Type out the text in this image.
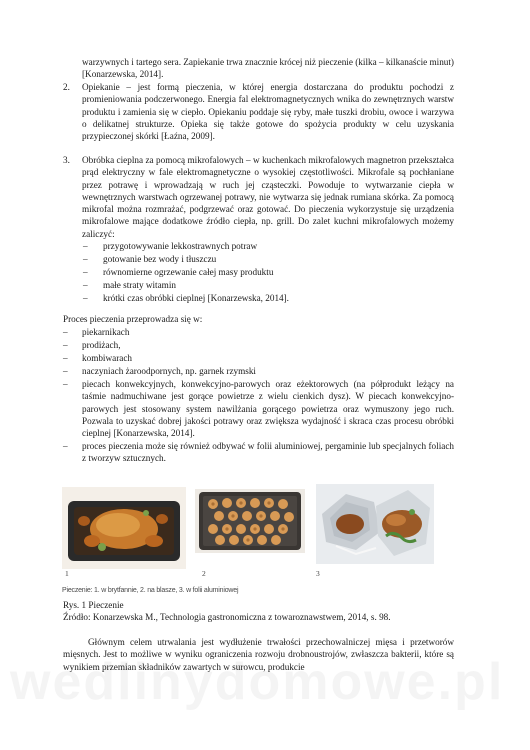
warzywnych i tartego sera. Zapiekanie trwa znacznie krócej niż pieczenie (kilka – kilkanaście minut) [Konarzewska, 2014].
2.	Opiekanie – jest formą pieczenia, w której energia dostarczana do produktu pochodzi z promieniowania podczerwonego. Energia fal elektromagnetycznych wnika do zewnętrznych warstw produktu i zamienia się w ciepło. Opiekaniu poddaje się ryby, małe tuszki drobiu, owoce i warzywa o delikatnej strukturze. Opieka się także gotowe do spożycia produkty w celu uzyskania przypieczonej skórki [Łaźna, 2009].
3.	Obróbka cieplna za pomocą mikrofalowych – w kuchenkach mikrofalowych magnetron przekształca prąd elektryczny w fale elektromagnetyczne o wysokiej częstotliwości. Mikrofale są pochłaniane przez potrawę i wprowadzają w ruch jej cząsteczki. Powoduje to wytwarzanie ciepła w wewnętrznych warstwach ogrzewanej potrawy, nie wytwarza się jednak rumiana skórka. Za pomocą mikrofal można rozmrażać, podgrzewać oraz gotować. Do pieczenia wykorzystuje się urządzenia mikrofalowe mające dodatkowe źródło ciepła, np. grill. Do zalet kuchni mikrofalowych możemy zaliczyć:
–	przygotowywanie lekkostrawnych potraw
–	gotowanie bez wody i tłuszczu
–	równomierne ogrzewanie całej masy produktu
–	małe straty witamin
–	krótki czas obróbki cieplnej [Konarzewska, 2014].
Proces pieczenia przeprowadza się w:
–	piekarnikach
–	prodiżach,
–	kombiwarach
–	naczyniach żaroodpornych, np. garnek rzymski
–	piecach konwekcyjnych, konwekcyjno-parowych oraz eżektorowych (na półprodukt leżący na taśmie nadmuchiwane jest gorące powietrze z wielu cienkich dysz). W piecach konwekcyjno-parowych jest stosowany system nawilżania gorącego powietrza oraz wymuszony jego ruch. Pozwala to uzyskać dobrej jakości potrawy oraz zwiększa wydajność i skraca czas procesu obróbki cieplnej [Konarzewska, 2014].
–	proces pieczenia może się również odbywać w folii aluminiowej, pergaminie lub specjalnych foliach z tworzyw sztucznych.
1	2	3
Pieczenie: 1. w brytfannie, 2. na blasze, 3. w folii aluminiowej
Rys. 1 Pieczenie
Źródło: Konarzewska M., Technologia gastronomiczna z towaroznawstwem, 2014, s. 98.
Głównym celem utrwalania jest wydłużenie trwałości przechowalniczej mięsa i przetworów mięsnych. Jest to możliwe w wyniku ograniczenia rozwoju drobnoustrojów, zwłaszcza bakterii, które są wynikiem przemian składników zawartych w surowcu, produkcie
